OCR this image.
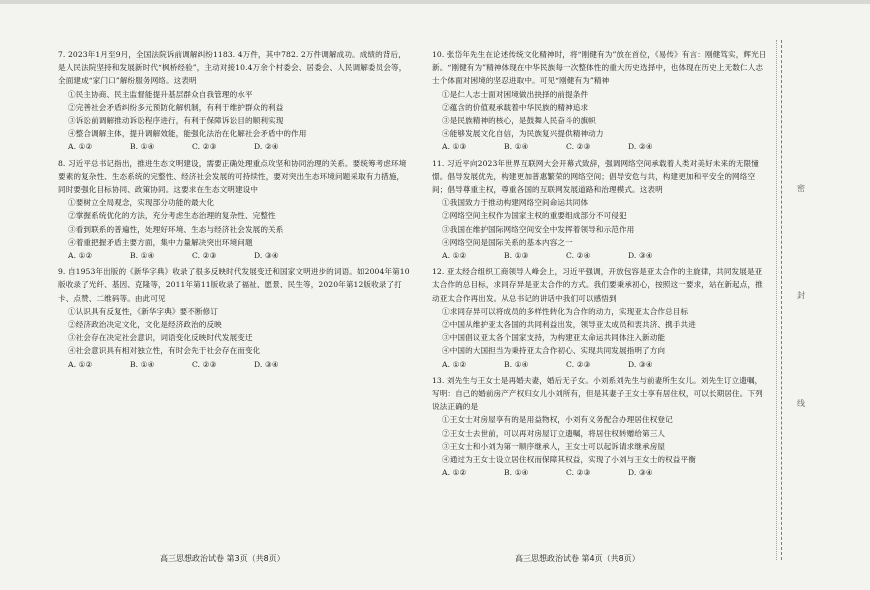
7. 2023年1月至9月，全国法院诉前调解纠纷1183. 4万件，其中782. 2万件调解成功。成绩的背后，是人民法院坚持和发展新时代“枫桥经验”，主动对接10.4万余个村委会、居委会、人民调解委员会等，全面建成“家门口”解纷服务网络。这表明

①民主协商、民主监督能提升基层群众自我管理的水平

②完善社会矛盾纠纷多元预防化解机制，有利于维护群众的利益

③诉讼前调解推动诉讼程序进行，有利于保障诉讼目的顺利实现

④整合调解主体，提升调解效能，能强化法治在化解社会矛盾中的作用

A. ①②	B. ①④	C. ②③	D. ②④

8. 习近平总书记指出，推进生态文明建设，需要正确处理重点攻坚和协同治理的关系。要统筹考虑环境要素的复杂性、生态系统的完整性、经济社会发展的可持续性，要对突出生态环境问题采取有力措施，同时要强化目标协同、政策协同。这要求在生态文明建设中

①要树立全局观念，实现部分功能的最大化

②掌握系统优化的方法，充分考虑生态治理的复杂性、完整性

③看到联系的普遍性，处理好环境、生态与经济社会发展的关系

④着重把握矛盾主要方面，集中力量解决突出环境问题

A. ①②	B. ①④	C. ②③	D. ③④

9. 自1953年出版的《新华字典》收录了很多反映时代发展变迁和国家文明进步的词语。如2004年第10版收录了光纤、基因、克隆等，2011年第11版收录了福祉、愿景、民生等，2020年第12版收录了打卡、点赞、二维码等。由此可见

①认识具有反复性，《新华字典》要不断修订

②经济政治决定文化，文化是经济政治的反映

③社会存在决定社会意识，词语变化反映时代发展变迁

④社会意识具有相对独立性，有时会先于社会存在而变化

A. ①②	B. ①④	C. ②③	D. ③④
高三思想政治试卷 第3页（共8页）

10. 张岱年先生在论述传统文化精神时，将“刚健有为”放在首位，《易传》有言：刚健笃实，辉光日新。“刚健有为”精神体现在中华民族每一次整体性的重大历史选择中，也体现在历史上无数仁人志士个体面对困境的坚忍进取中。可见“刚健有为”精神

①是仁人志士面对困境做出抉择的前提条件

②蕴含的价值观承载着中华民族的精神追求

③是民族精神的核心，是鼓舞人民奋斗的旗帜

④能够发展文化自信，为民族复兴提供精神动力

A. ①③	B. ①④	C. ②③	D. ②④

11. 习近平向2023年世界互联网大会开幕式致辞，强调网络空间承载着人类对美好未来的无限憧憬。倡导发展优先，构建更加普惠繁荣的网络空间；倡导安危与共，构建更加和平安全的网络空间；倡导尊重主权，尊重各国的互联网发展道路和治理模式。这表明

①我国致力于推动构建网络空间命运共同体

②网络空间主权作为国家主权的重要组成部分不可侵犯

③我国在维护国际网络空间安全中发挥着领导和示范作用

④网络空间是国际关系的基本内容之一

A. ①②	B. ①③	C. ②④	D. ③④

12. 亚太经合组织工商领导人峰会上，习近平强调，开放包容是亚太合作的主旋律，共同发展是亚太合作的总目标，求同存异是亚太合作的方式。我们要秉承初心，按照这一要求，站在新起点，推动亚太合作再出发。从总书记的讲话中我们可以感悟到

①求同存异可以将成员的多样性转化为合作的动力，实现亚太合作总目标

②中国从维护亚太各国的共同利益出发，领导亚太成员和衷共济、携手共进

③中国倡议亚太各个国家支持，为构建亚太命运共同体注入新动能

④中国的大国担当为秉持亚太合作初心、实现共同发展指明了方向

A. ①②	B. ①④	C. ②③	D. ③④

13. 刘先生与王女士是再婚夫妻，婚后无子女。小刘系刘先生与前妻所生女儿。刘先生订立遗嘱，写明：自己的婚前房产产权归女儿小刘所有，但是其妻子王女士享有居住权，可以长期居住。下列说法正确的是

①王女士对房屋享有的是用益物权，小刘有义务配合办理居住权登记

②王女士去世前，可以再对房屋订立遗嘱，将居住权转赠给第三人

③王女士和小刘为第一顺序继承人，王女士可以起诉请求继承房屋

④通过为王女士设立居住权而保障其权益，实现了小刘与王女士的权益平衡

A. ①②	B. ①④	C. ②③	D. ③④
高三思想政治试卷 第4页（共8页）
密
封
线
